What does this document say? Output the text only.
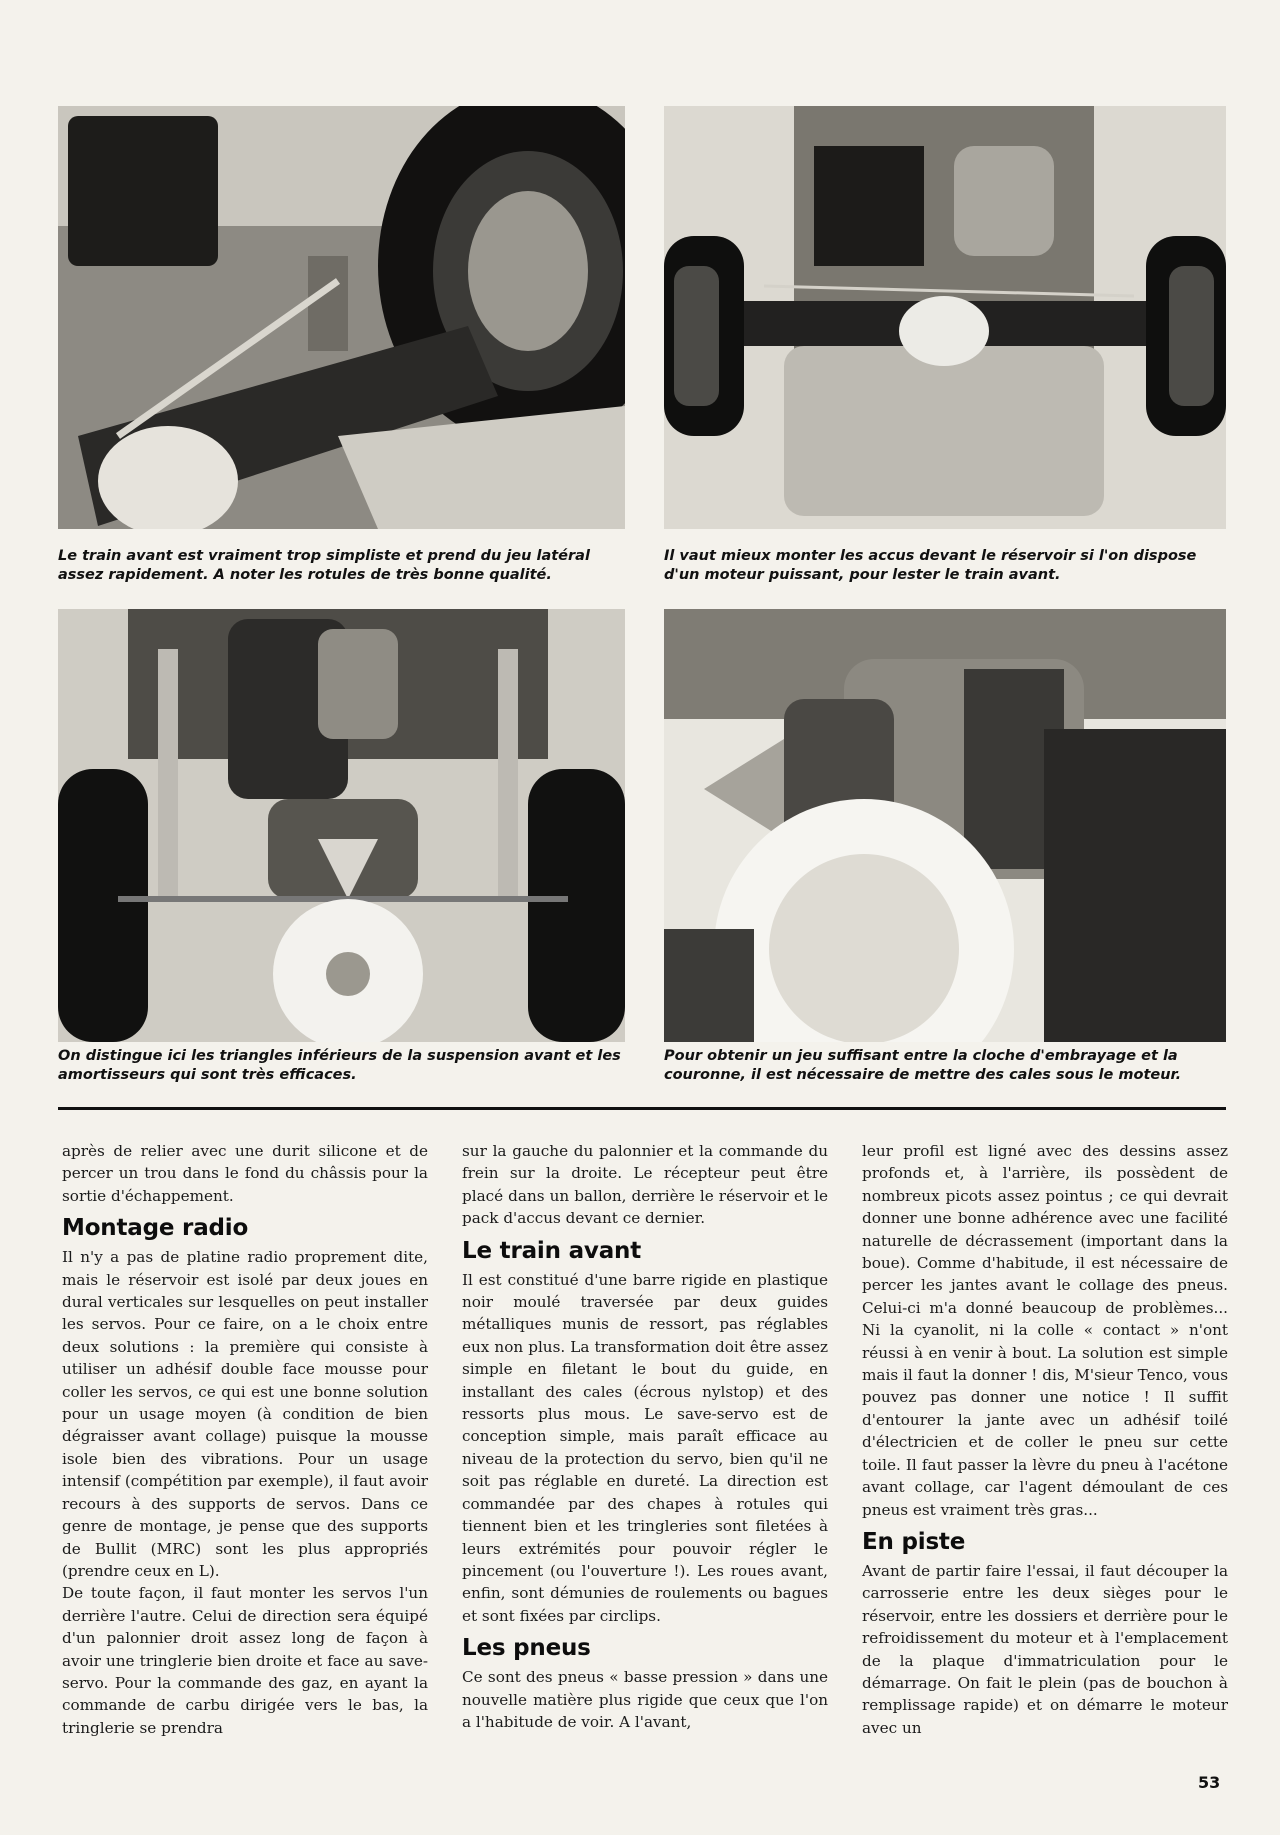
Le train avant est vraiment trop simpliste et prend du jeu latéral assez rapidement. A noter les rotules de très bonne qualité.

Il vaut mieux monter les accus devant le réservoir si l'on dispose d'un moteur puissant, pour lester le train avant.

On distingue ici les triangles inférieurs de la suspension avant et les amortisseurs qui sont très efficaces.

Pour obtenir un jeu suffisant entre la cloche d'embrayage et la couronne, il est nécessaire de mettre des cales sous le moteur.

après de relier avec une durit silicone et de percer un trou dans le fond du châssis pour la sortie d'échappement.

Montage radio

Il n'y a pas de platine radio proprement dite, mais le réservoir est isolé par deux joues en dural verticales sur lesquelles on peut installer les servos. Pour ce faire, on a le choix entre deux solutions : la première qui consiste à utiliser un adhésif double face mousse pour coller les servos, ce qui est une bonne solution pour un usage moyen (à condition de bien dégraisser avant collage) puisque la mousse isole bien des vibrations. Pour un usage intensif (compétition par exemple), il faut avoir recours à des supports de servos. Dans ce genre de montage, je pense que des supports de Bullit (MRC) sont les plus appropriés (prendre ceux en L).

De toute façon, il faut monter les servos l'un derrière l'autre. Celui de direction sera équipé d'un palonnier droit assez long de façon à avoir une tringlerie bien droite et face au save-servo. Pour la commande des gaz, en ayant la commande de carbu dirigée vers le bas, la tringlerie se prendra

sur la gauche du palonnier et la commande du frein sur la droite. Le récepteur peut être placé dans un ballon, derrière le réservoir et le pack d'accus devant ce dernier.

Le train avant

Il est constitué d'une barre rigide en plastique noir moulé traversée par deux guides métalliques munis de ressort, pas réglables eux non plus. La transformation doit être assez simple en filetant le bout du guide, en installant des cales (écrous nylstop) et des ressorts plus mous. Le save-servo est de conception simple, mais paraît efficace au niveau de la protection du servo, bien qu'il ne soit pas réglable en dureté. La direction est commandée par des chapes à rotules qui tiennent bien et les tringleries sont filetées à leurs extrémités pour pouvoir régler le pincement (ou l'ouverture !). Les roues avant, enfin, sont démunies de roulements ou bagues et sont fixées par circlips.

Les pneus

Ce sont des pneus « basse pression » dans une nouvelle matière plus rigide que ceux que l'on a l'habitude de voir. A l'avant,

leur profil est ligné avec des dessins assez profonds et, à l'arrière, ils possèdent de nombreux picots assez pointus ; ce qui devrait donner une bonne adhérence avec une facilité naturelle de décrassement (important dans la boue). Comme d'habitude, il est nécessaire de percer les jantes avant le collage des pneus. Celui-ci m'a donné beaucoup de problèmes... Ni la cyanolit, ni la colle « contact » n'ont réussi à en venir à bout. La solution est simple mais il faut la donner ! dis, M'sieur Tenco, vous pouvez pas donner une notice ! Il suffit d'entourer la jante avec un adhésif toilé d'électricien et de coller le pneu sur cette toile. Il faut passer la lèvre du pneu à l'acétone avant collage, car l'agent démoulant de ces pneus est vraiment très gras...

En piste

Avant de partir faire l'essai, il faut découper la carrosserie entre les deux sièges pour le réservoir, entre les dossiers et derrière pour le refroidissement du moteur et à l'emplacement de la plaque d'immatriculation pour le démarrage. On fait le plein (pas de bouchon à remplissage rapide) et on démarre le moteur avec un

53
